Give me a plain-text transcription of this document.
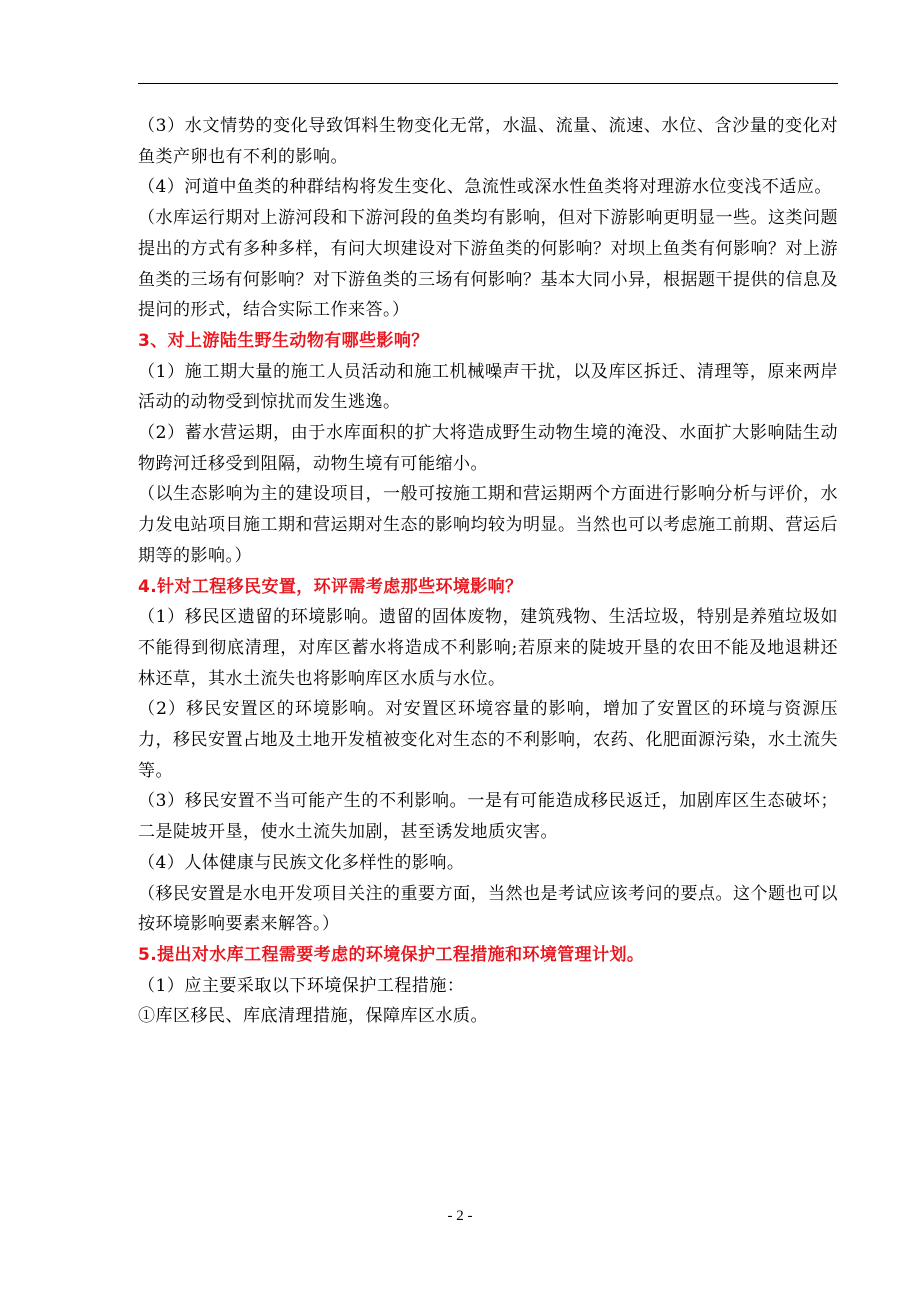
（3）水文情势的变化导致饵料生物变化无常，水温、流量、流速、水位、含沙量的变化对鱼类产卵也有不利的影响。

（4）河道中鱼类的种群结构将发生变化、急流性或深水性鱼类将对理游水位变浅不适应。

（水库运行期对上游河段和下游河段的鱼类均有影响，但对下游影响更明显一些。这类问题提出的方式有多种多样，有问大坝建设对下游鱼类的何影响？对坝上鱼类有何影响？对上游鱼类的三场有何影响？对下游鱼类的三场有何影响？基本大同小异，根据题干提供的信息及提问的形式，结合实际工作来答。）

3、对上游陆生野生动物有哪些影响？

（1）施工期大量的施工人员活动和施工机械噪声干扰，以及库区拆迁、清理等，原来两岸活动的动物受到惊扰而发生逃逸。

（2）蓄水营运期，由于水库面积的扩大将造成野生动物生境的淹没、水面扩大影响陆生动物跨河迁移受到阻隔，动物生境有可能缩小。

（以生态影响为主的建设项目，一般可按施工期和营运期两个方面进行影响分析与评价，水力发电站项目施工期和营运期对生态的影响均较为明显。当然也可以考虑施工前期、营运后期等的影响。）

4.针对工程移民安置，环评需考虑那些环境影响？

（1）移民区遗留的环境影响。遗留的固体废物，建筑残物、生活垃圾，特别是养殖垃圾如不能得到彻底清理，对库区蓄水将造成不利影响;若原来的陡坡开垦的农田不能及地退耕还林还草，其水土流失也将影响库区水质与水位。

（2）移民安置区的环境影响。对安置区环境容量的影响，增加了安置区的环境与资源压力，移民安置占地及土地开发植被变化对生态的不利影响，农药、化肥面源污染，水土流失等。

（3）移民安置不当可能产生的不利影响。一是有可能造成移民返迁，加剧库区生态破坏；二是陡坡开垦，使水土流失加剧，甚至诱发地质灾害。

（4）人体健康与民族文化多样性的影响。

（移民安置是水电开发项目关注的重要方面，当然也是考试应该考问的要点。这个题也可以按环境影响要素来解答。）

5.提出对水库工程需要考虑的环境保护工程措施和环境管理计划。

（1）应主要采取以下环境保护工程措施：

①库区移民、库底清理措施，保障库区水质。

- 2 -
